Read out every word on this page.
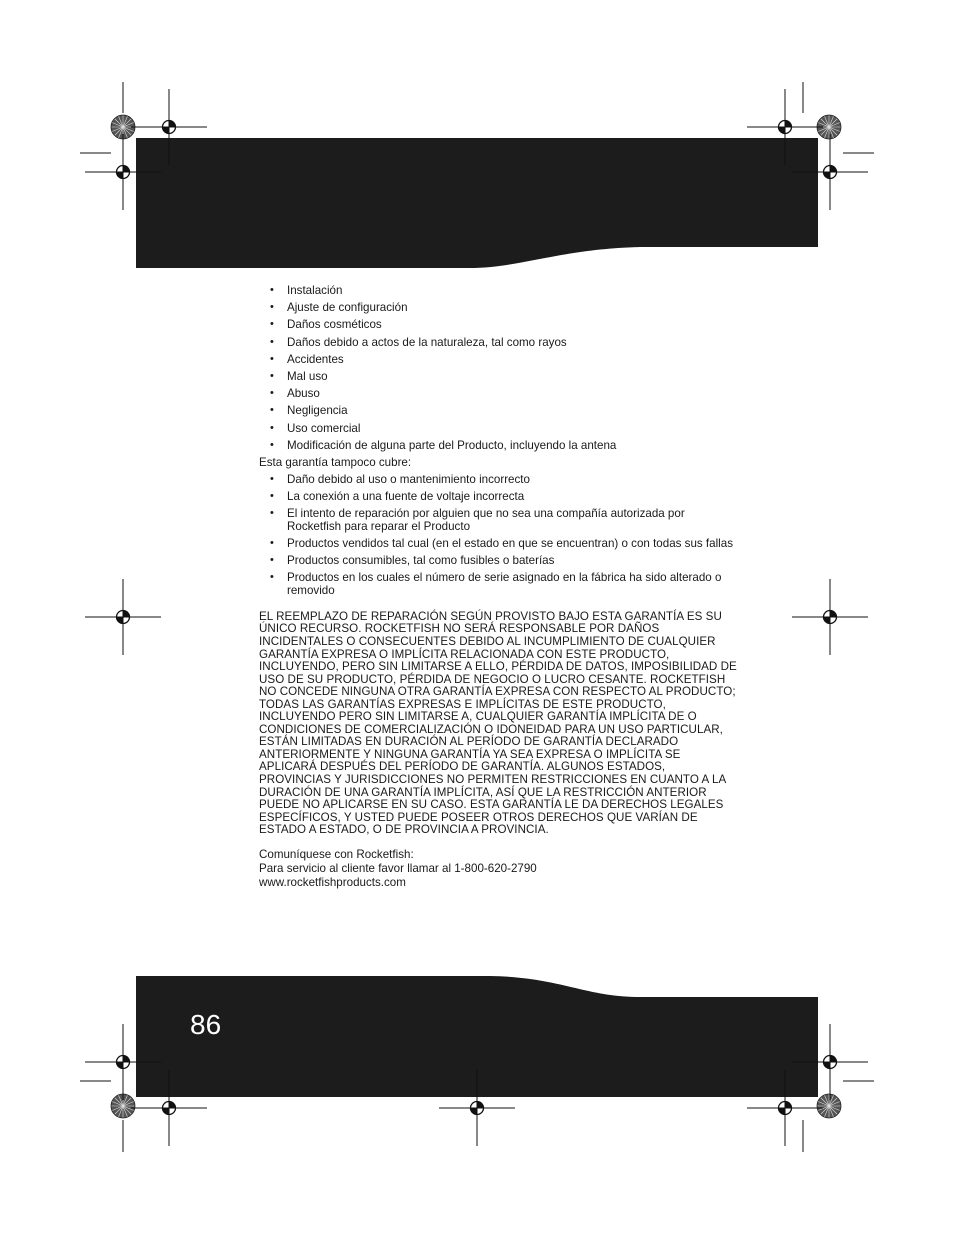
• Instalación
• Ajuste de configuración
• Daños cosméticos
• Daños debido a actos de la naturaleza, tal como rayos
• Accidentes
• Mal uso
• Abuso
• Negligencia
• Uso comercial
• Modificación de alguna parte del Producto, incluyendo la antena

Esta garantía tampoco cubre:

• Daño debido al uso o mantenimiento incorrecto
• La conexión a una fuente de voltaje incorrecta
• El intento de reparación por alguien que no sea una compañía autorizada por Rocketfish para reparar el Producto
• Productos vendidos tal cual (en el estado en que se encuentran) o con todas sus fallas
• Productos consumibles, tal como fusibles o baterías
• Productos en los cuales el número de serie asignado en la fábrica ha sido alterado o removido

EL REEMPLAZO DE REPARACIÓN SEGÚN PROVISTO BAJO ESTA GARANTÍA ES SU ÚNICO RECURSO. ROCKETFISH NO SERÁ RESPONSABLE POR DAÑOS INCIDENTALES O CONSECUENTES DEBIDO AL INCUMPLIMIENTO DE CUALQUIER GARANTÍA EXPRESA O IMPLÍCITA RELACIONADA CON ESTE PRODUCTO, INCLUYENDO, PERO SIN LIMITARSE A ELLO, PÉRDIDA DE DATOS, IMPOSIBILIDAD DE USO DE SU PRODUCTO, PÉRDIDA DE NEGOCIO O LUCRO CESANTE. ROCKETFISH NO CONCEDE NINGUNA OTRA GARANTÍA EXPRESA CON RESPECTO AL PRODUCTO; TODAS LAS GARANTÍAS EXPRESAS E IMPLÍCITAS DE ESTE PRODUCTO, INCLUYENDO PERO SIN LIMITARSE A, CUALQUIER GARANTÍA IMPLÍCITA DE O CONDICIONES DE COMERCIALIZACIÓN O IDONEIDAD PARA UN USO PARTICULAR, ESTÁN LIMITADAS EN DURACIÓN AL PERÍODO DE GARANTÍA DECLARADO ANTERIORMENTE Y NINGUNA GARANTÍA YA SEA EXPRESA O IMPLÍCITA SE APLICARÁ DESPUÉS DEL PERÍODO DE GARANTÍA. ALGUNOS ESTADOS, PROVINCIAS Y JURISDICCIONES NO PERMITEN RESTRICCIONES EN CUANTO A LA DURACIÓN DE UNA GARANTÍA IMPLÍCITA, ASÍ QUE LA RESTRICCIÓN ANTERIOR PUEDE NO APLICARSE EN SU CASO. ESTA GARANTÍA LE DA DERECHOS LEGALES ESPECÍFICOS, Y USTED PUEDE POSEER OTROS DERECHOS QUE VARÍAN DE ESTADO A ESTADO, O DE PROVINCIA A PROVINCIA.

Comuníquese con Rocketfish:

Para servicio al cliente favor llamar al 1-800-620-2790

www.rocketfishproducts.com

86
